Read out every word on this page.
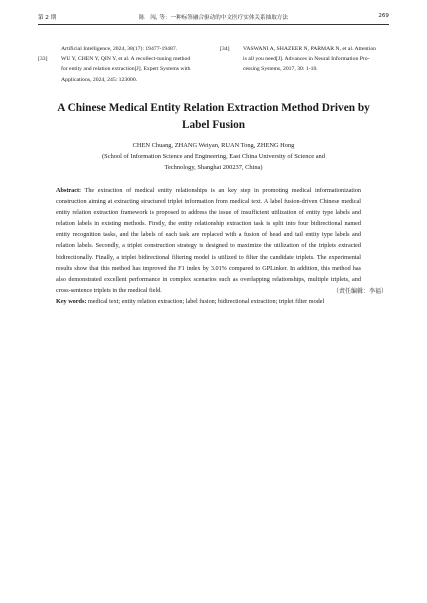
第 2 期	陈　闯, 等：一种标签融合驱动的中文医疗实体关系抽取方法	269
Artificial Intelligence, 2024, 38(17): 19477-19487.
[33] WU Y, CHEN Y, QIN Y, et al. A recollect-tuning method
for entity and relation extraction[J]. Expert Systems with
Applications, 2024, 245: 123000.
[34] VASWANI A, SHAZEER N, PARMAR N, et al. Attention
is all you need[J]. Advances in Neural Information Pro-
cessing Systems, 2017, 30: 1-10.
A Chinese Medical Entity Relation Extraction Method Driven by
Label Fusion
CHEN Chuang, ZHANG Weiyan, RUAN Tong, ZHENG Hong
(School of Information Science and Engineering, East China University of Science and
Technology, Shanghai 200237, China)

Abstract: The extraction of medical entity relationships is an key step in promoting medical informationization construction aiming at extracting structured triplet information from medical text. A label fusion-driven Chinese medical entity relation extraction framework is proposed to address the issue of insufficient utilization of entity type labels and relation labels in existing methods. Firstly, the entity relationship extraction task is split into four bidirectional named entity recognition tasks, and the labels of each task are replaced with a fusion of head and tail entity type labels and relation labels. Secondly, a triplet construction strategy is designed to maximize the utilization of the triplets extracted bidirectionally. Finally, a triplet bidirectional filtering model is utilized to filter the candidate triplets. The experimental results show that this method has improved the F1 index by 3.01% compared to GPLinker. In addition, this method has also demonstrated excellent performance in complex scenarios such as overlapping relationships, multiple triplets, and cross-sentence triplets in the medical field.

Key words: medical text; entity relation extraction; label fusion; bidirectional extraction; triplet filter model

（责任编辑：李福）
